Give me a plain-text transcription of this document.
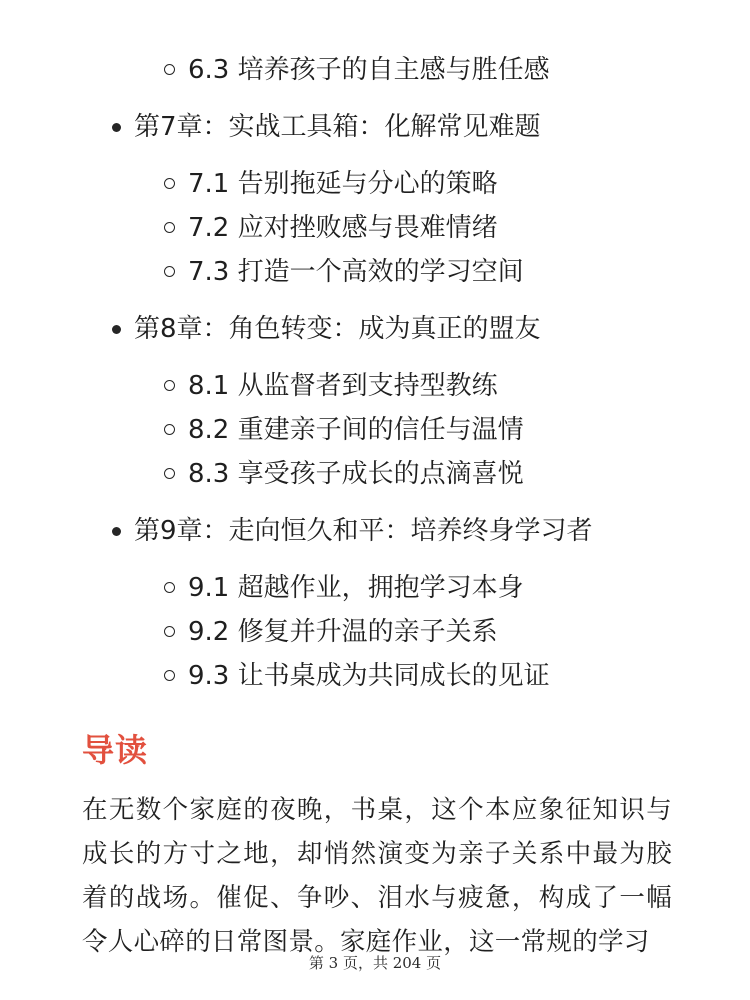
6.3 培养孩子的自主感与胜任感
第7章：实战工具箱：化解常见难题
7.1 告别拖延与分心的策略
7.2 应对挫败感与畏难情绪
7.3 打造一个高效的学习空间
第8章：角色转变：成为真正的盟友
8.1 从监督者到支持型教练
8.2 重建亲子间的信任与温情
8.3 享受孩子成长的点滴喜悦
第9章：走向恒久和平：培养终身学习者
9.1 超越作业，拥抱学习本身
9.2 修复并升温的亲子关系
9.3 让书桌成为共同成长的见证
导读
在无数个家庭的夜晚，书桌，这个本应象征知识与成长的方寸之地，却悄然演变为亲子关系中最为胶着的战场。催促、争吵、泪水与疲惫，构成了一幅令人心碎的日常图景。家庭作业，这一常规的学习
第 3 页，共 204 页
